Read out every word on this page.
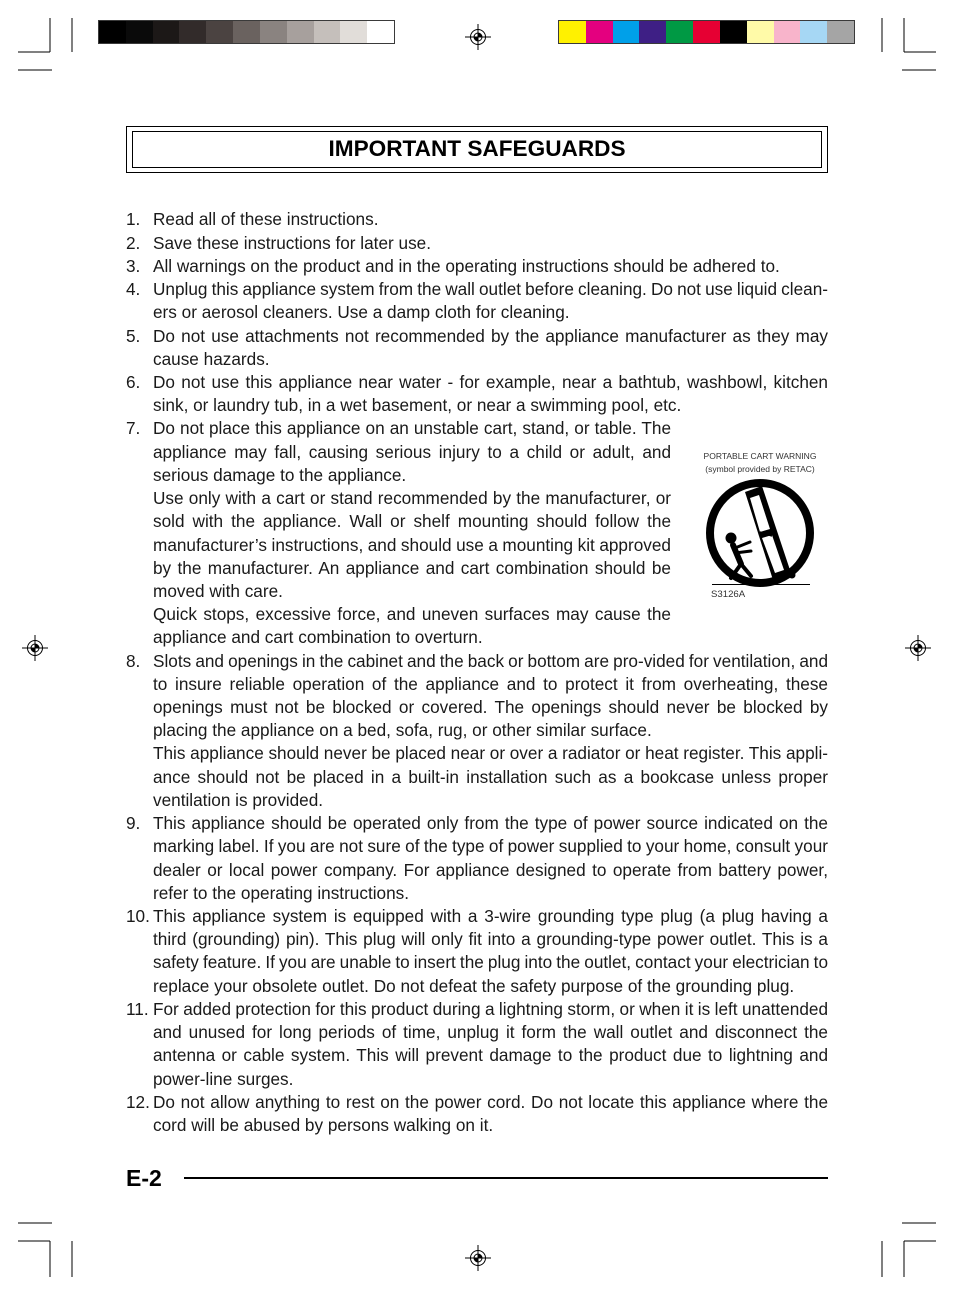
IMPORTANT SAFEGUARDS
1. Read all of these instructions.
2. Save these instructions for later use.
3. All warnings on the product and in the operating instructions should be adhered to.
4. Unplug this appliance system from the wall outlet before cleaning. Do not use liquid clean-
ers or aerosol cleaners. Use a damp cloth for cleaning.
5. Do not use attachments not recommended by the appliance manufacturer as they may
cause hazards.
6. Do not use this appliance near water - for example, near a bathtub, washbowl, kitchen
sink, or laundry tub, in a wet basement, or near a swimming pool, etc.
7. Do not place this appliance on an unstable cart, stand, or table. The
appliance may fall, causing serious injury to a child or adult, and
serious damage to the appliance.
Use only with a cart or stand recommended by the manufacturer, or
sold with the appliance. Wall or shelf mounting should follow the
manufacturer’s instructions, and should use a mounting kit approved
by the manufacturer. An appliance and cart combination should be
moved with care.
Quick stops, excessive force, and uneven surfaces may cause the
appliance and cart combination to overturn.
8. Slots and openings in the cabinet and the back or bottom are pro-vided for ventilation, and
to insure reliable operation of the appliance and to protect it from overheating, these
openings must not be blocked or covered. The openings should never be blocked by
placing the appliance on a bed, sofa, rug, or other similar surface.
This appliance should never be placed near or over a radiator or heat register. This appli-
ance should not be placed in a built-in installation such as a bookcase unless proper
ventilation is provided.
9. This appliance should be operated only from the type of power source indicated on the
marking label. If you are not sure of the type of power supplied to your home, consult your
dealer or local power company. For appliance designed to operate from battery power,
refer to the operating instructions.
10. This appliance system is equipped with a 3-wire grounding type plug (a plug having a
third (grounding) pin). This plug will only fit into a grounding-type power outlet. This is a
safety feature. If you are unable to insert the plug into the outlet, contact your electrician to
replace your obsolete outlet. Do not defeat the safety purpose of the grounding plug.
11. For added protection for this product during a lightning storm, or when it is left unattended
and unused for long periods of time, unplug it form the wall outlet and disconnect the
antenna or cable system. This will prevent damage to the product due to lightning and
power-line surges.
12. Do not allow anything to rest on the power cord. Do not locate this appliance where the
cord will be abused by persons walking on it.
PORTABLE CART WARNING
(symbol provided by RETAC)
S3126A
E-2
